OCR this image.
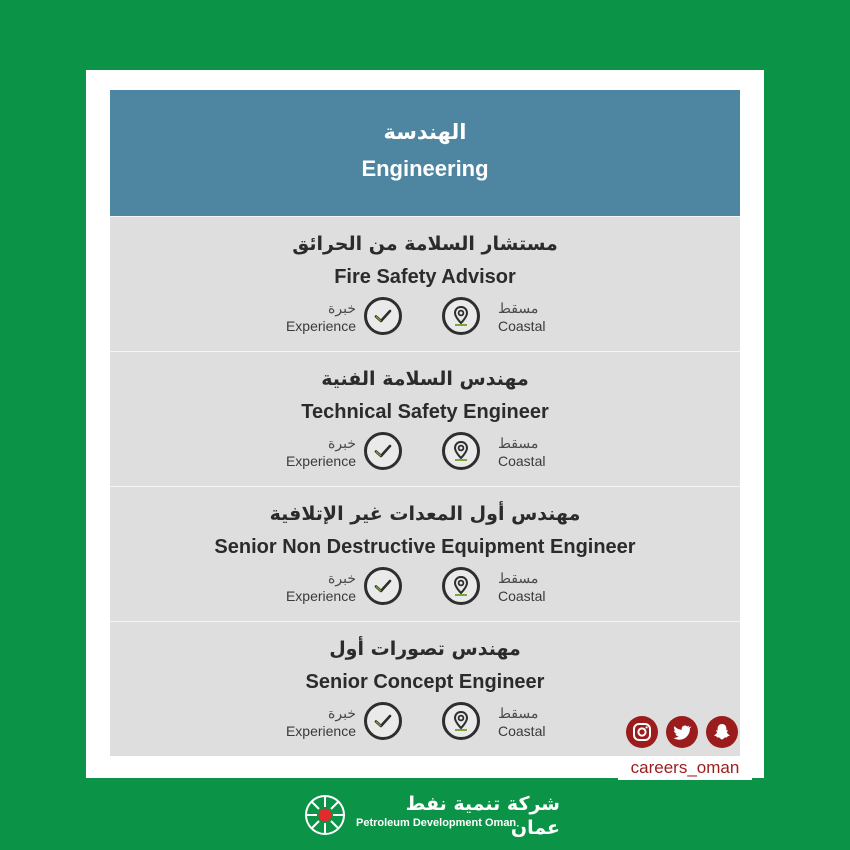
الهندسة
Engineering
مستشار السلامة من الحرائق
Fire Safety Advisor
خبرة
Experience
مسقط
Coastal
مهندس السلامة الفنية
Technical Safety Engineer
خبرة
Experience
مسقط
Coastal
مهندس أول المعدات غير الإتلافية
Senior Non Destructive Equipment Engineer
خبرة
Experience
مسقط
Coastal
مهندس تصورات أول
Senior Concept Engineer
خبرة
Experience
مسقط
Coastal
careers_oman
شركة تنمية نفط عمان
Petroleum Development Oman
